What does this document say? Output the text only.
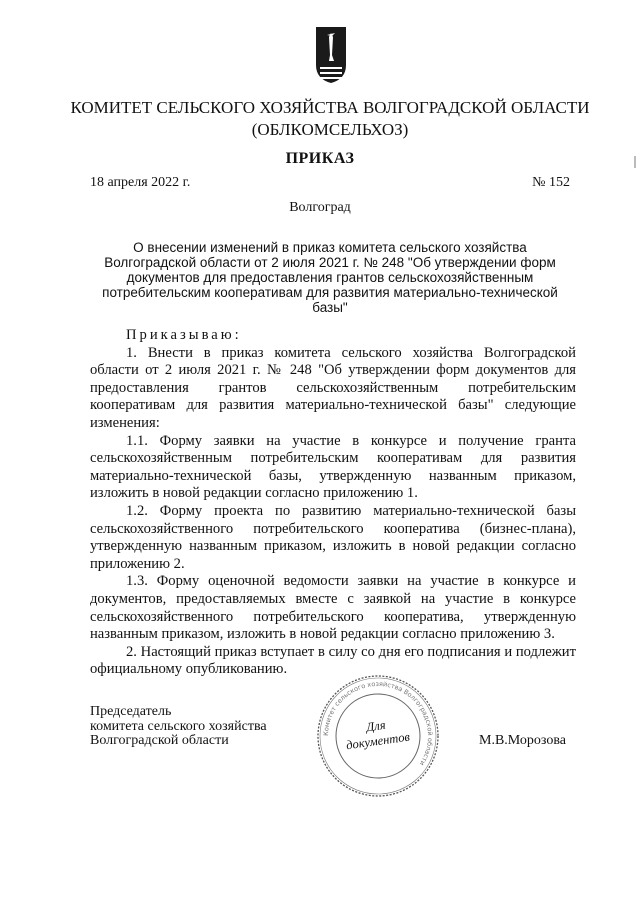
КОМИТЕТ СЕЛЬСКОГО ХОЗЯЙСТВА ВОЛГОГРАДСКОЙ ОБЛАСТИ
(ОБЛКОМСЕЛЬХОЗ)
ПРИКАЗ
18 апреля 2022 г.	№ 152
Волгоград
О внесении изменений в приказ комитета сельского хозяйства Волгоградской области от 2 июля 2021 г. № 248 "Об утверждении форм документов для предоставления грантов сельскохозяйственным потребительским кооперативам для развития материально-технической базы"

Приказываю:

1. Внести в приказ комитета сельского хозяйства Волгоградской области от 2 июля 2021 г. № 248 "Об утверждении форм документов для предоставления грантов сельскохозяйственным потребительским кооперативам для развития материально-технической базы" следующие изменения:

1.1. Форму заявки на участие в конкурсе и получение гранта сельскохозяйственным потребительским кооперативам для развития материально-технической базы, утвержденную названным приказом, изложить в новой редакции согласно приложению 1.

1.2. Форму проекта по развитию материально-технической базы сельскохозяйственного потребительского кооператива (бизнес-плана), утвержденную названным приказом, изложить в новой редакции согласно приложению 2.

1.3. Форму оценочной ведомости заявки на участие в конкурсе и документов, предоставляемых вместе с заявкой на участие в конкурсе сельскохозяйственного потребительского кооператива, утвержденную названным приказом, изложить в новой редакции согласно приложению 3.

2. Настоящий приказ вступает в силу со дня его подписания и подлежит официальному опубликованию.

Председатель
комитета сельского хозяйства
Волгоградской области	Комитет сельского хозяйства Волгоградской области
Для
документов	М.В.Морозова
